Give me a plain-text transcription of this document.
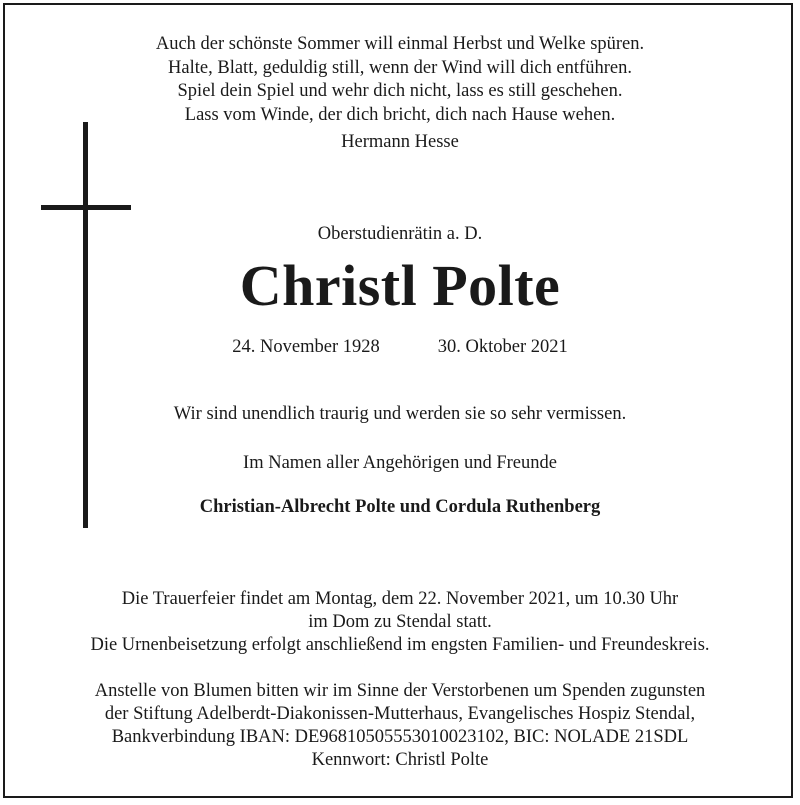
Auch der schönste Sommer will einmal Herbst und Welke spüren.
Halte, Blatt, geduldig still, wenn der Wind will dich entführen.
Spiel dein Spiel und wehr dich nicht, lass es still geschehen.
Lass vom Winde, der dich bricht, dich nach Hause wehen.
Hermann Hesse
Oberstudienrätin a. D.
Christl Polte
24. November 1928	30. Oktober 2021
Wir sind unendlich traurig und werden sie so sehr vermissen.
Im Namen aller Angehörigen und Freunde
Christian-Albrecht Polte und Cordula Ruthenberg
Die Trauerfeier findet am Montag, dem 22. November 2021, um 10.30 Uhr
im Dom zu Stendal statt.
Die Urnenbeisetzung erfolgt anschließend im engsten Familien- und Freundeskreis.
Anstelle von Blumen bitten wir im Sinne der Verstorbenen um Spenden zugunsten
der Stiftung Adelberdt-Diakonissen-Mutterhaus, Evangelisches Hospiz Stendal,
Bankverbindung IBAN: DE96810505553010023102, BIC: NOLADE 21SDL
Kennwort: Christl Polte
